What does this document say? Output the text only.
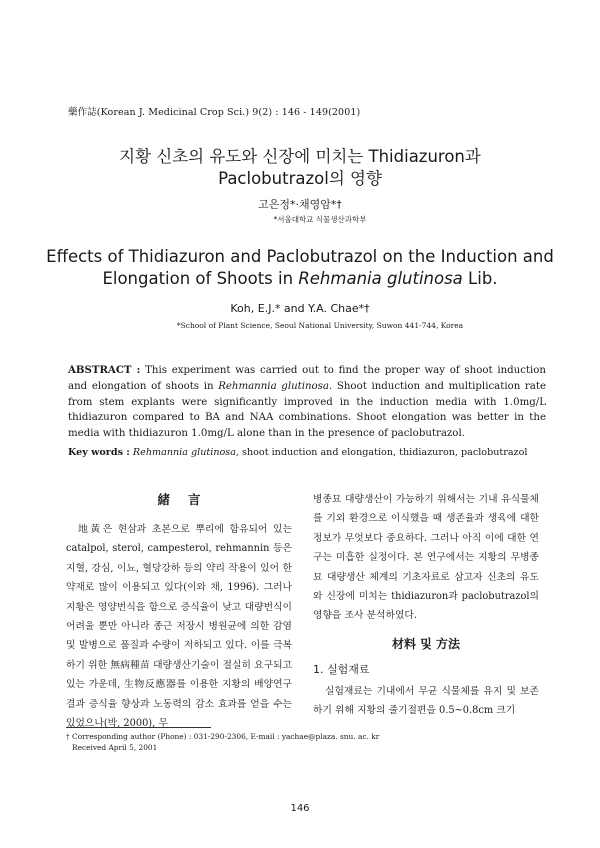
藥作誌(Korean J. Medicinal Crop Sci.) 9(2) : 146 - 149(2001)
지황 신초의 유도와 신장에 미치는 Thidiazuron과
Paclobutrazol의 영향
고은정*·채영암*†
*서울대학교 식물생산과학부
Effects of Thidiazuron and Paclobutrazol on the Induction and
Elongation of Shoots in Rehmania glutinosa Lib.
Koh, E.J.* and Y.A. Chae*†
*School of Plant Science, Seoul National University, Suwon 441-744, Korea
ABSTRACT : This experiment was carried out to find the proper way of shoot induction and elongation of shoots in Rehmannia glutinosa. Shoot induction and multiplication rate from stem explants were significantly improved in the induction media with 1.0mg/L thidiazuron compared to BA and NAA combinations. Shoot elongation was better in the media with thidiazuron 1.0mg/L alone than in the presence of paclobutrazol.
Key words : Rehmannia glutinosa, shoot induction and elongation, thidiazuron, paclobutrazol
緒言

地黃은 현삼과 초본으로 뿌리에 함유되어 있는 catalpol, sterol, campesterol, rehmannin 등은 지혈, 강심, 이뇨, 혈당강하 등의 약리 작용이 있어 한약재로 많이 이용되고 있다(이와 채, 1996). 그러나 지황은 영양번식을 함으로 증식율이 낮고 대량번식이 어려울 뿐만 아니라 종근 저장시 병원균에 의한 감염 및 발병으로 품질과 수량이 저하되고 있다. 이를 극복하기 위한 無病種苗 대량생산기술이 절실히 요구되고 있는 가운데, 生物反應器를 이용한 지황의 배양연구 결과 증식율 향상과 노동력의 감소 효과를 얻을 수는 있었으나(박, 2000), 무

병종묘 대량생산이 가능하기 위해서는 기내 유식물체를 기외 환경으로 이식했을 때 생존율과 생육에 대한 정보가 무엇보다 중요하다. 그러나 아직 이에 대한 연구는 미흡한 실정이다. 본 연구에서는 지황의 무병종묘 대량생산 체계의 기초자료로 삼고자 신초의 유도와 신장에 미치는 thidiazuron과 paclobutrazol의 영향을 조사 분석하였다.

材料 및 方法
1. 실험재료

실험재료는 기내에서 무균 식물체를 유지 및 보존하기 위해 지황의 줄기절편을 0.5~0.8cm 크기

† Corresponding author (Phone) : 031-290-2306, E-mail : yachae@plaza. snu. ac. kr
Received April 5, 2001
146
